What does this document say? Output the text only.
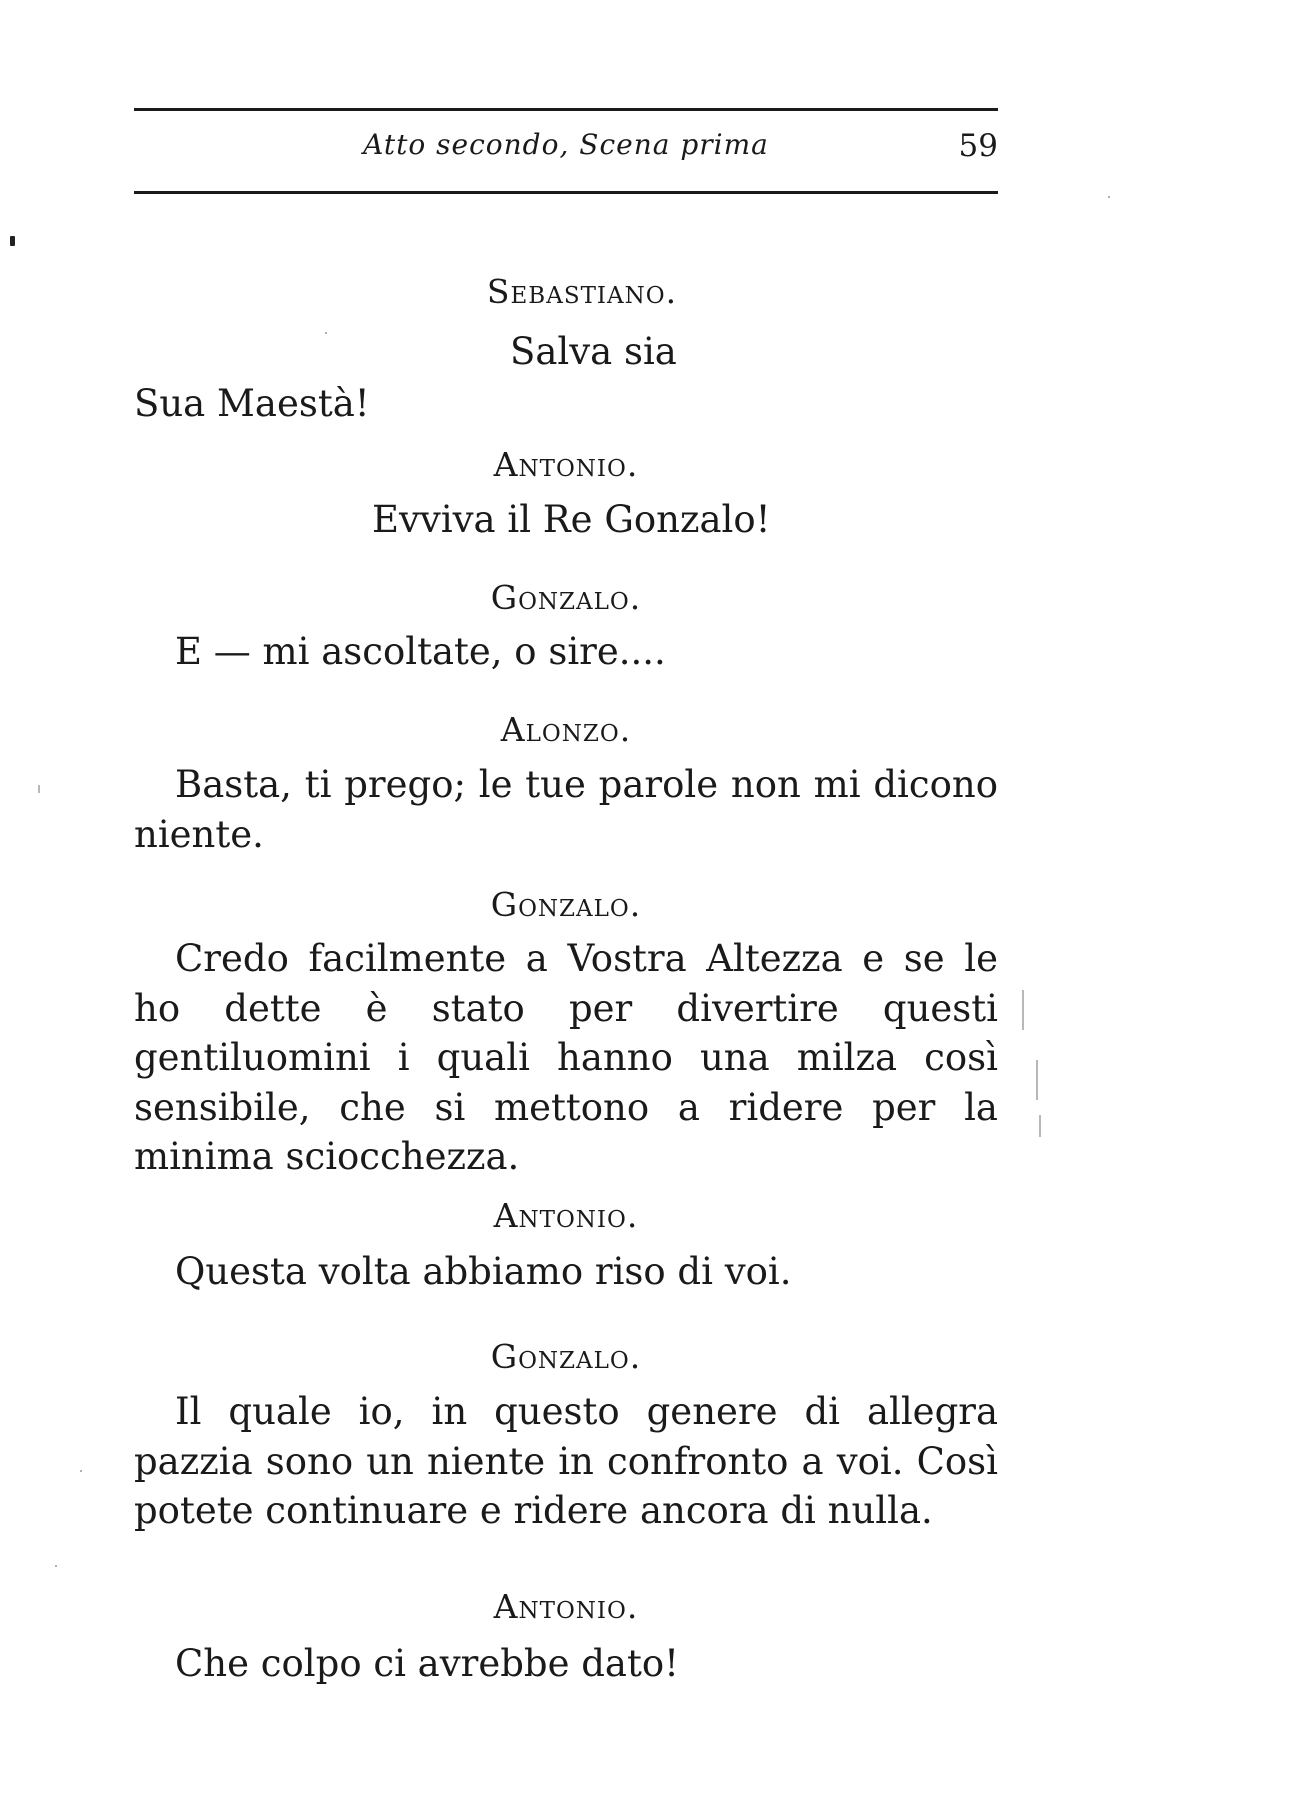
Atto secondo, Scena prima	59
Sebastiano.
Salva sia
Sua Maestà!
Antonio.
Evviva il Re Gonzalo!
Gonzalo.
E — mi ascoltate, o sire....
Alonzo.

Basta, ti prego; le tue parole non mi dicono niente.

Gonzalo.

Credo facilmente a Vostra Altezza e se le ho dette è stato per divertire questi gentiluomini i quali hanno una milza così sensibile, che si mettono a ridere per la minima sciocchezza.

Antonio.
Questa volta abbiamo riso di voi.
Gonzalo.

Il quale io, in questo genere di allegra pazzia sono un niente in confronto a voi. Così potete continuare e ridere ancora di nulla.

Antonio.
Che colpo ci avrebbe dato!
